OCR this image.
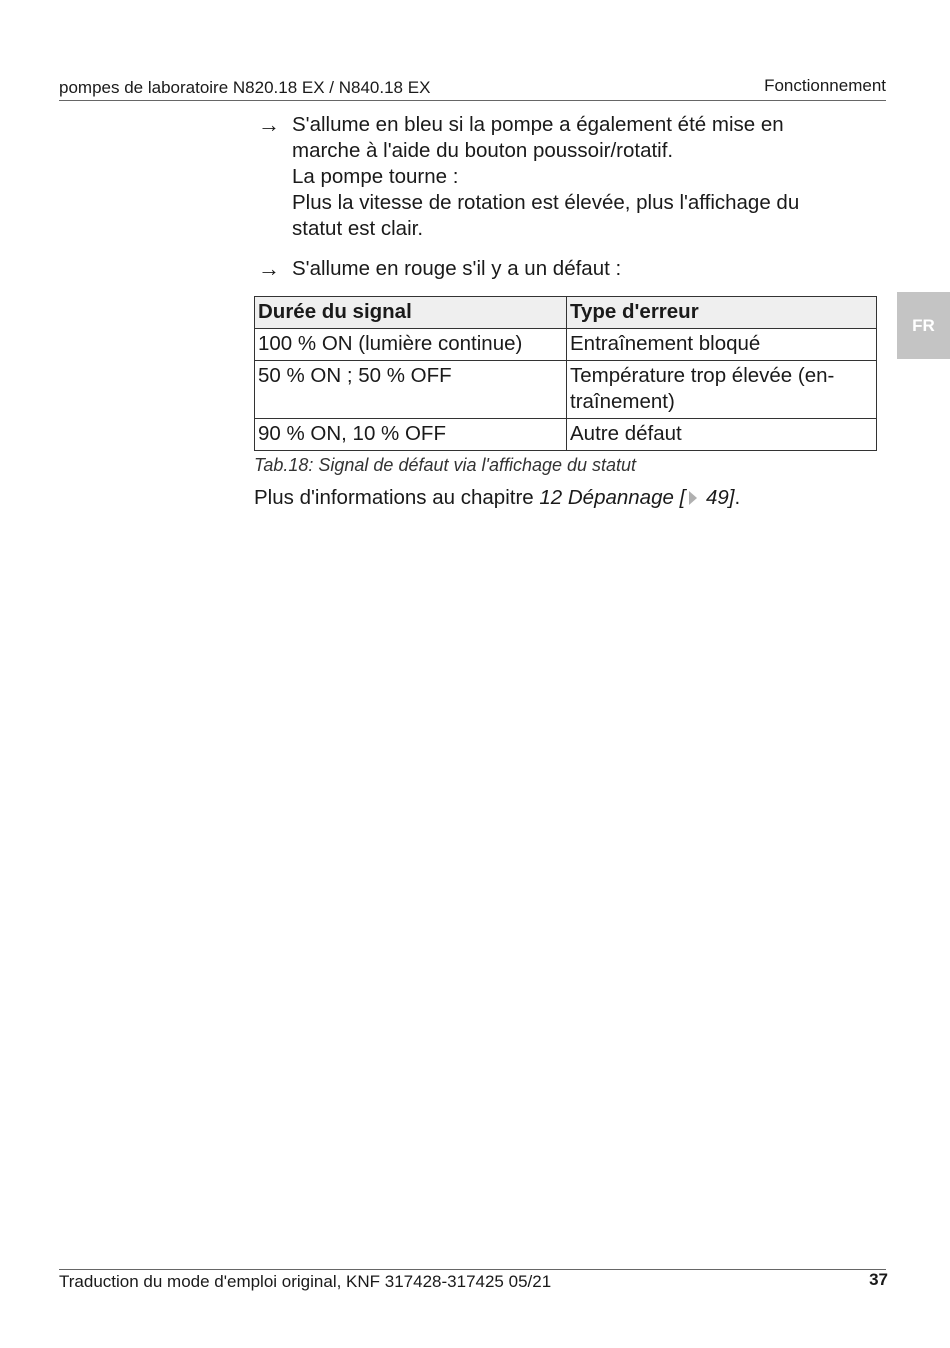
pompes de laboratoire N820.18 EX / N840.18 EX	Fonctionnement
FR
→ S'allume en bleu si la pompe a également été mise en

marche à l'aide du bouton poussoir/rotatif.

La pompe tourne :

Plus la vitesse de rotation est élevée, plus l'affichage du

statut est clair.

→ S'allume en rouge s'il y a un défaut :

Durée du signal	Type d'erreur
100 % ON (lumière continue)	Entraînement bloqué
50 % ON ; 50 % OFF	Température trop élevée (en-
traînement)

90 % ON, 10 % OFF	Autre défaut
Tab.18: Signal de défaut via l'affichage du statut
Plus d'informations au chapitre 12 Dépannage [ 49].
Traduction du mode d'emploi original, KNF 317428-317425 05/21	37
